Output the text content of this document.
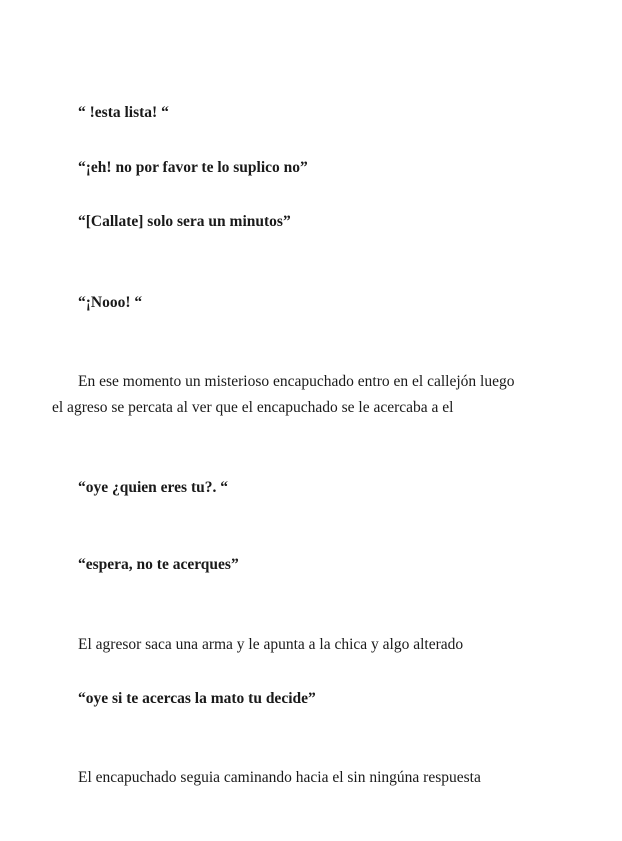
“ !esta lista! “

“¡eh! no por favor te lo suplico no”

“[Callate] solo sera un minutos”

“¡Nooo! “

En ese momento un misterioso encapuchado entro en el callejón luego

el agreso se percata al ver que el encapuchado se le acercaba a el

“oye ¿quien eres tu?. “

“espera, no te acerques”

El agresor saca una arma y le apunta a la chica y algo alterado

“oye si te acercas la mato tu decide”

El encapuchado seguia caminando hacia el sin ningúna respuesta
